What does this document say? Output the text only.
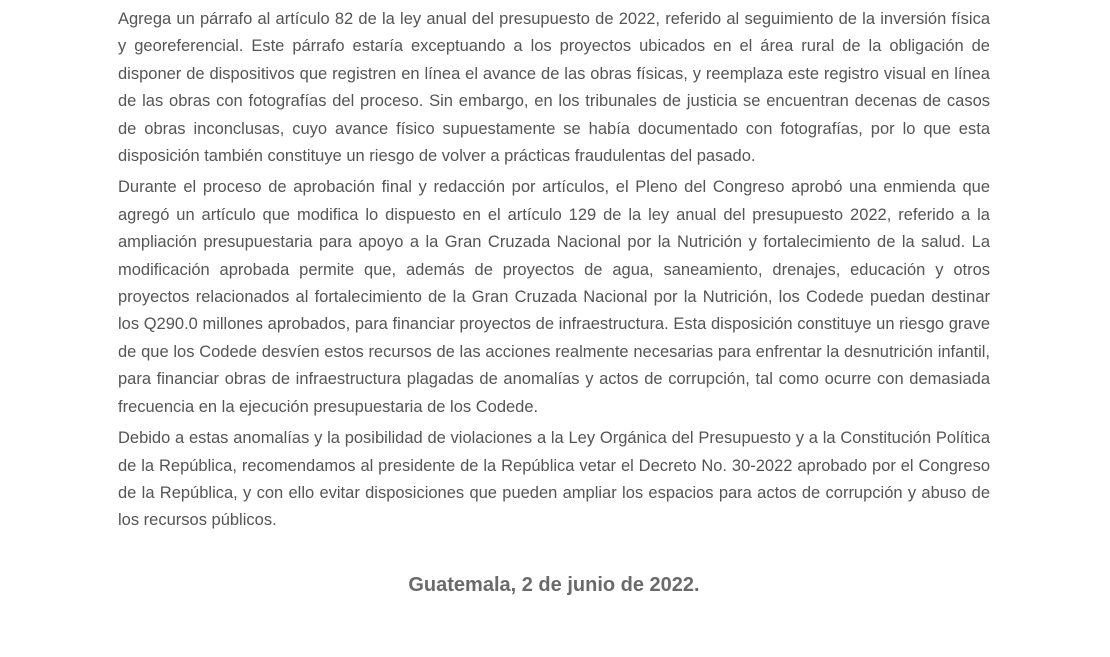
Agrega un párrafo al artículo 82 de la ley anual del presupuesto de 2022, referido al seguimiento de la inversión física y georeferencial. Este párrafo estaría exceptuando a los proyectos ubicados en el área rural de la obligación de disponer de dispositivos que registren en línea el avance de las obras físicas, y reemplaza este registro visual en línea de las obras con fotografías del proceso. Sin embargo, en los tribunales de justicia se encuentran decenas de casos de obras inconclusas, cuyo avance físico supuestamente se había documentado con fotografías, por lo que esta disposición también constituye un riesgo de volver a prácticas fraudulentas del pasado.

Durante el proceso de aprobación final y redacción por artículos, el Pleno del Congreso aprobó una enmienda que agregó un artículo que modifica lo dispuesto en el artículo 129 de la ley anual del presupuesto 2022, referido a la ampliación presupuestaria para apoyo a la Gran Cruzada Nacional por la Nutrición y fortalecimiento de la salud. La modificación aprobada permite que, además de proyectos de agua, saneamiento, drenajes, educación y otros proyectos relacionados al fortalecimiento de la Gran Cruzada Nacional por la Nutrición, los Codede puedan destinar los Q290.0 millones aprobados, para financiar proyectos de infraestructura. Esta disposición constituye un riesgo grave de que los Codede desvíen estos recursos de las acciones realmente necesarias para enfrentar la desnutrición infantil, para financiar obras de infraestructura plagadas de anomalías y actos de corrupción, tal como ocurre con demasiada frecuencia en la ejecución presupuestaria de los Codede.

Debido a estas anomalías y la posibilidad de violaciones a la Ley Orgánica del Presupuesto y a la Constitución Política de la República, recomendamos al presidente de la República vetar el Decreto No. 30-2022 aprobado por el Congreso de la República, y con ello evitar disposiciones que pueden ampliar los espacios para actos de corrupción y abuso de los recursos públicos.

Guatemala, 2 de junio de 2022.
